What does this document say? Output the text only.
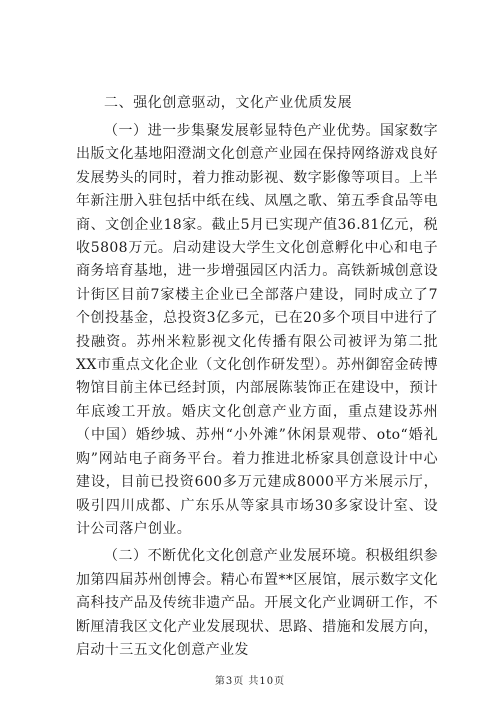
二、强化创意驱动，文化产业优质发展

（一）进一步集聚发展彰显特色产业优势。国家数字出版文化基地阳澄湖文化创意产业园在保持网络游戏良好发展势头的同时，着力推动影视、数字影像等项目。上半年新注册入驻包括中纸在线、凤凰之歌、第五季食品等电商、文创企业18家。截止5月已实现产值36.81亿元，税收5808万元。启动建设大学生文化创意孵化中心和电子商务培育基地，进一步增强园区内活力。高铁新城创意设计街区目前7家楼主企业已全部落户建设，同时成立了7个创投基金，总投资3亿多元，已在20多个项目中进行了投融资。苏州米粒影视文化传播有限公司被评为第二批XX市重点文化企业（文化创作研发型）。苏州御窑金砖博物馆目前主体已经封顶，内部展陈装饰正在建设中，预计年底竣工开放。婚庆文化创意产业方面，重点建设苏州（中国）婚纱城、苏州“小外滩”休闲景观带、oto“婚礼购”网站电子商务平台。着力推进北桥家具创意设计中心建设，目前已投资600多万元建成8000平方米展示厅，吸引四川成都、广东乐从等家具市场30多家设计室、设计公司落户创业。

（二）不断优化文化创意产业发展环境。积极组织参加第四届苏州创博会。精心布置**区展馆，展示数字文化高科技产品及传统非遗产品。开展文化产业调研工作，不断厘清我区文化产业发展现状、思路、措施和发展方向，启动十三五文化创意产业发

第3页 共10页
